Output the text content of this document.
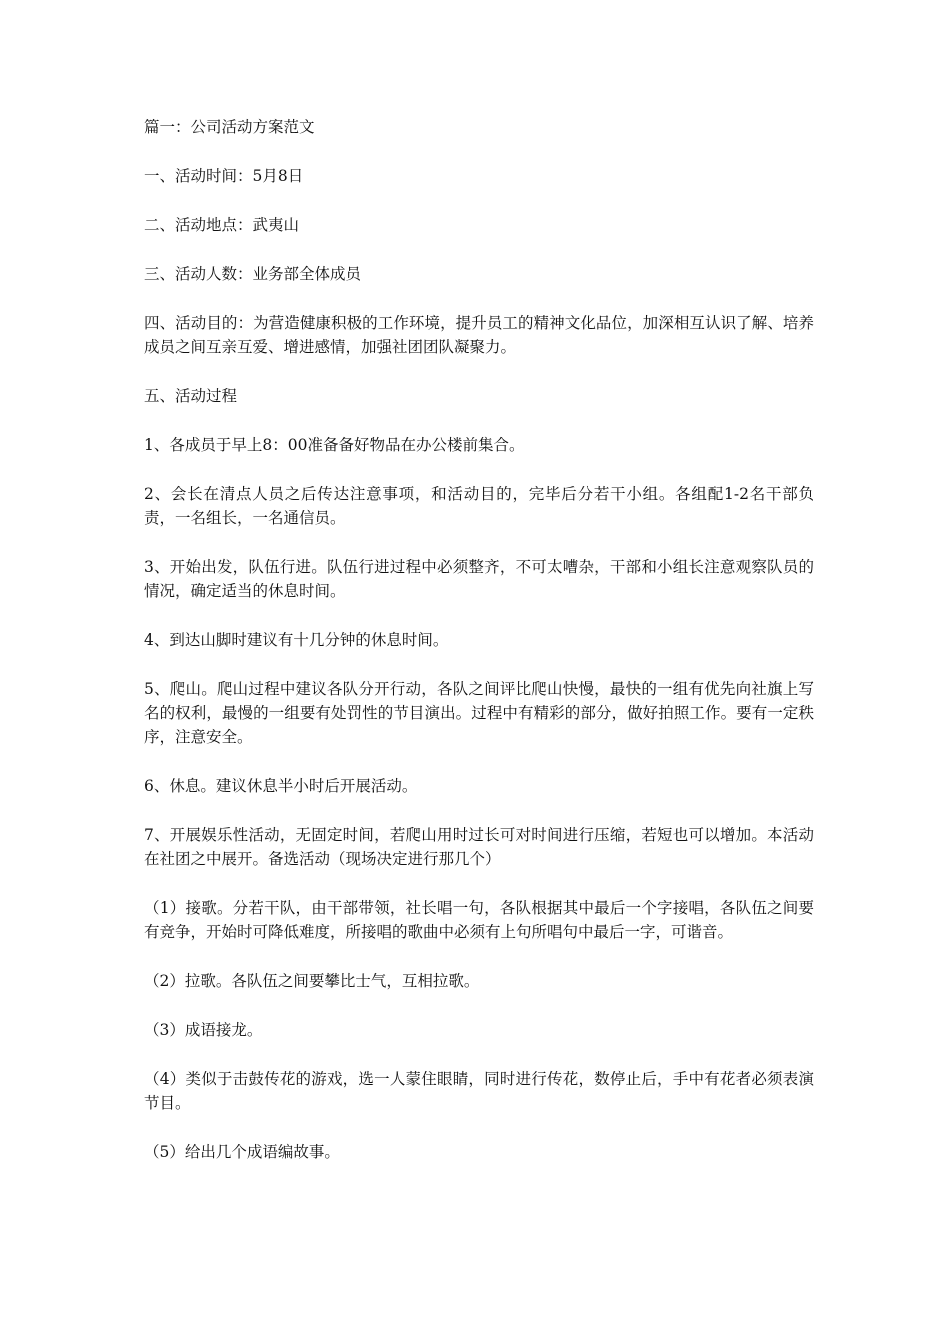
篇一：公司活动方案范文

一、活动时间：5月8日

二、活动地点：武夷山

三、活动人数：业务部全体成员

四、活动目的：为营造健康积极的工作环境，提升员工的精神文化品位，加深相互认识了解、培养成员之间互亲互爱、增进感情，加强社团团队凝聚力。

五、活动过程

1、各成员于早上8：00准备备好物品在办公楼前集合。

2、会长在清点人员之后传达注意事项，和活动目的，完毕后分若干小组。各组配1-2名干部负责，一名组长，一名通信员。

3、开始出发，队伍行进。队伍行进过程中必须整齐，不可太嘈杂，干部和小组长注意观察队员的情况，确定适当的休息时间。

4、到达山脚时建议有十几分钟的休息时间。

5、爬山。爬山过程中建议各队分开行动，各队之间评比爬山快慢，最快的一组有优先向社旗上写名的权利，最慢的一组要有处罚性的节目演出。过程中有精彩的部分，做好拍照工作。要有一定秩序，注意安全。

6、休息。建议休息半小时后开展活动。

7、开展娱乐性活动，无固定时间，若爬山用时过长可对时间进行压缩，若短也可以增加。本活动在社团之中展开。备选活动（现场决定进行那几个）

（1）接歌。分若干队，由干部带领，社长唱一句，各队根据其中最后一个字接唱，各队伍之间要有竞争，开始时可降低难度，所接唱的歌曲中必须有上句所唱句中最后一字，可谐音。

（2）拉歌。各队伍之间要攀比士气，互相拉歌。

（3）成语接龙。

（4）类似于击鼓传花的游戏，选一人蒙住眼睛，同时进行传花，数停止后，手中有花者必须表演节目。

（5）给出几个成语编故事。
